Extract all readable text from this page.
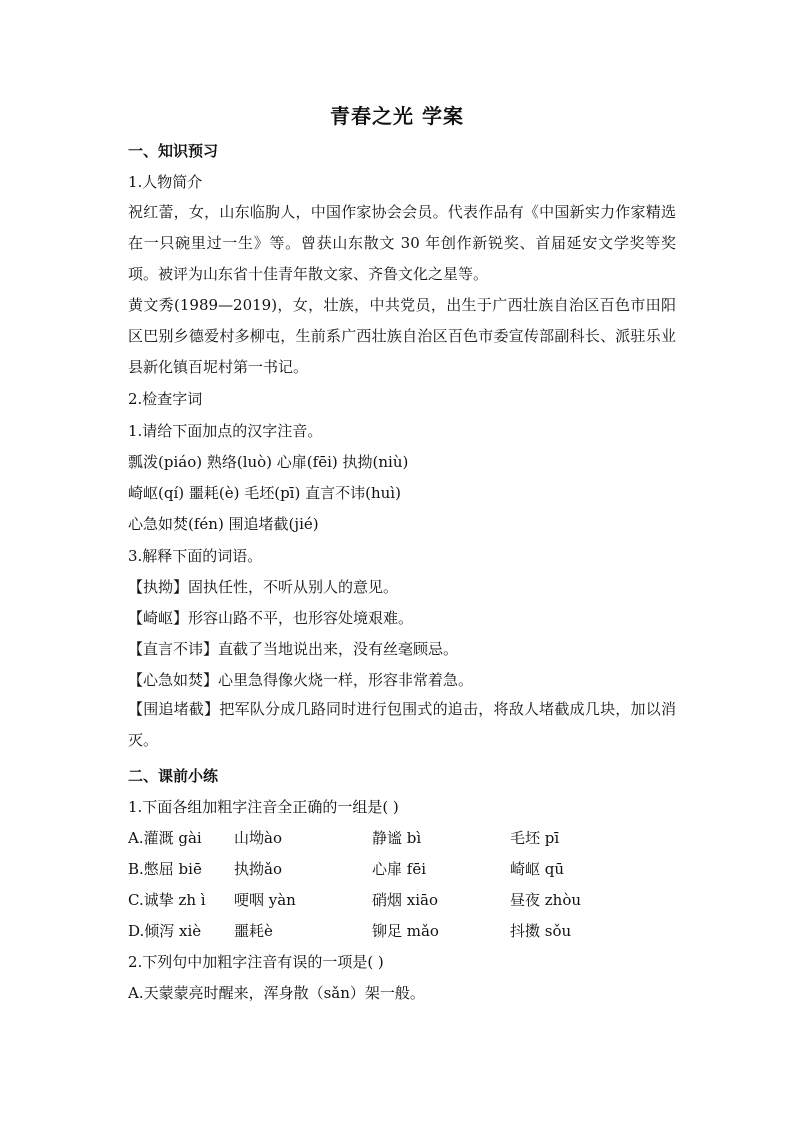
青春之光 学案
一、知识预习
1.人物简介
祝红蕾，女，山东临朐人，中国作家协会会员。代表作品有《中国新实力作家精选在一只碗里过一生》等。曾获山东散文 30 年创作新锐奖、首届延安文学奖等奖项。被评为山东省十佳青年散文家、齐鲁文化之星等。
黄文秀(1989—2019)，女，壮族，中共党员，出生于广西壮族自治区百色市田阳区巴别乡德爱村多柳屯，生前系广西壮族自治区百色市委宣传部副科长、派驻乐业县新化镇百坭村第一书记。
2.检查字词
1.请给下面加点的汉字注音。
瓢泼(piáo) 熟络(luò) 心扉(fēi) 执拗(niù)
崎岖(qí) 噩耗(è) 毛坯(pī) 直言不讳(huì)
心急如焚(fén) 围追堵截(jié)
3.解释下面的词语。
【执拗】固执任性，不听从别人的意见。
【崎岖】形容山路不平，也形容处境艰难。
【直言不讳】直截了当地说出来，没有丝毫顾忌。
【心急如焚】心里急得像火烧一样，形容非常着急。
【围追堵截】把军队分成几路同时进行包围式的追击，将敌人堵截成几块，加以消灭。
二、课前小练
1.下面各组加粗字注音全正确的一组是( )
A.灌溉 gài 山坳ào	静谧 bì	毛坯 pī
B.憋屈 biē 执拗ǎo	心扉 fēi	崎岖 qū
C.诚挚 zh ì 哽咽 yàn	硝烟 xiāo	昼夜 zhòu
D.倾泻 xiè 噩耗è	铆足 mǎo	抖擞 sǒu
2.下列句中加粗字注音有误的一项是( )
A.天蒙蒙亮时醒来，浑身散（sǎn）架一般。
